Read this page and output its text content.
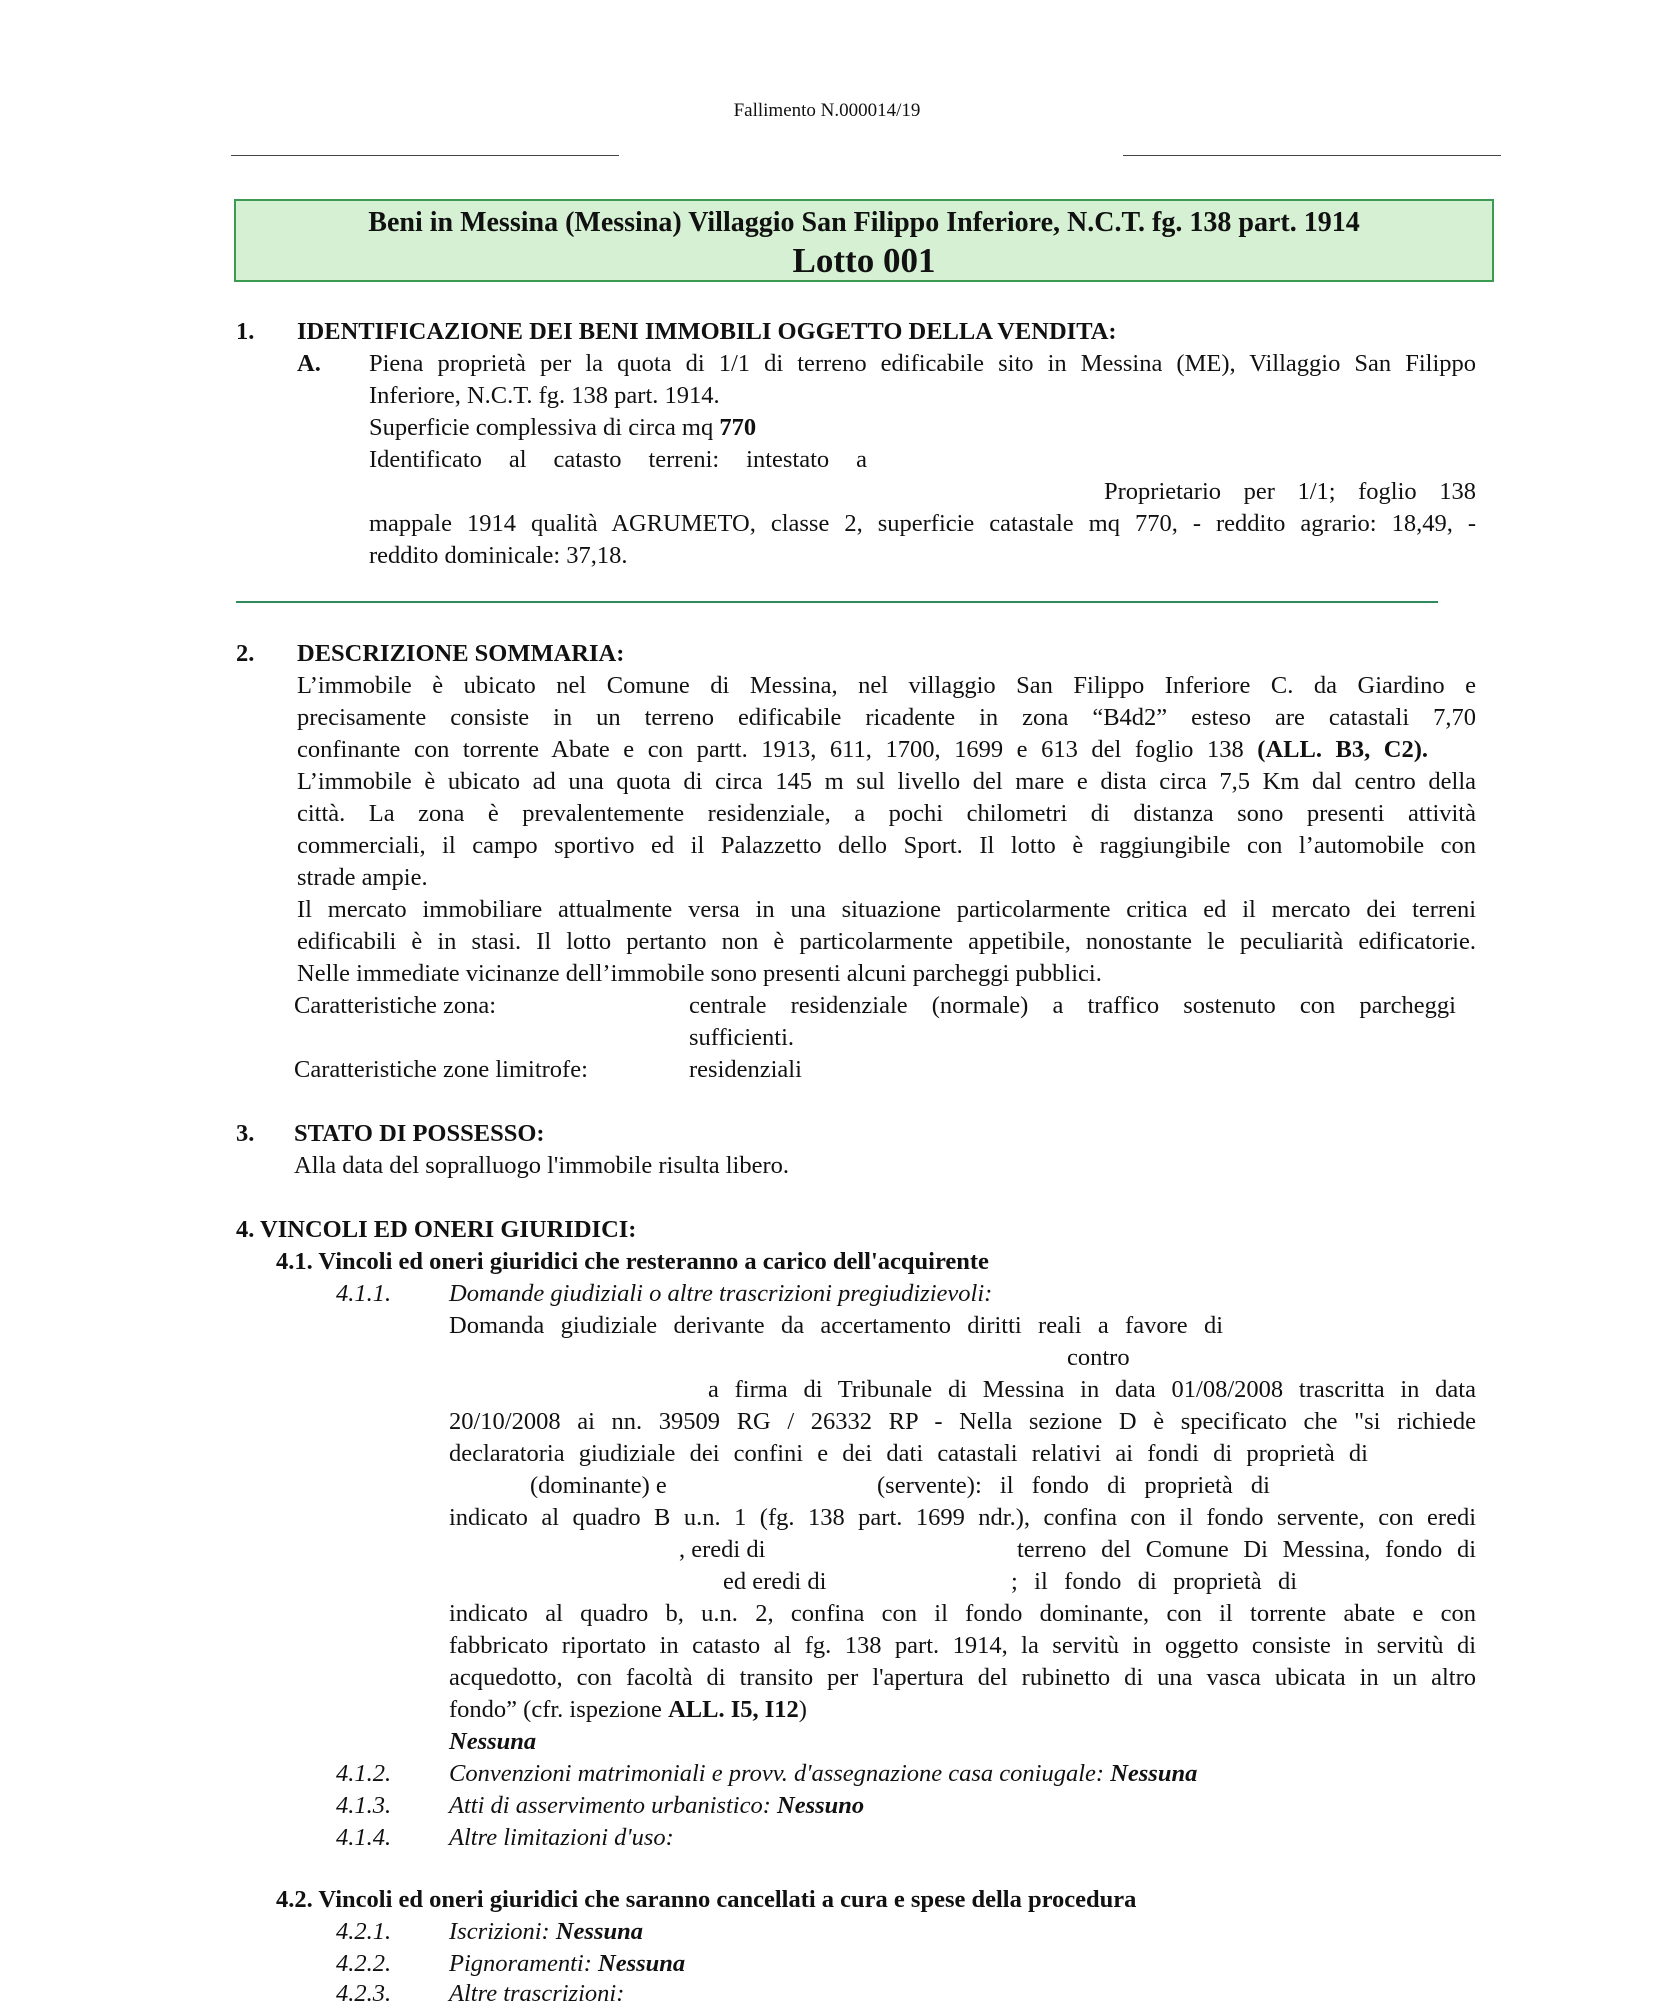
Fallimento N.000014/19
Beni in Messina (Messina) Villaggio San Filippo Inferiore, N.C.T. fg. 138 part. 1914
Lotto 001
1. IDENTIFICAZIONE DEI BENI IMMOBILI OGGETTO DELLA VENDITA:
A. Piena proprietà per la quota di 1/1 di terreno edificabile sito in Messina (ME), Villaggio San Filippo
Inferiore, N.C.T. fg. 138 part. 1914.
Superficie complessiva di circa mq 770
Identificato al catasto terreni: intestato a
Proprietario per 1/1; foglio 138
mappale 1914 qualità AGRUMETO, classe 2, superficie catastale mq 770, - reddito agrario: 18,49, -
reddito dominicale: 37,18.
2. DESCRIZIONE SOMMARIA:
L’immobile è ubicato nel Comune di Messina, nel villaggio San Filippo Inferiore C. da Giardino e
precisamente consiste in un terreno edificabile ricadente in zona “B4d2” esteso are catastali 7,70
confinante con torrente Abate e con partt. 1913, 611, 1700, 1699 e 613 del foglio 138 (ALL. B3, C2).
L’immobile è ubicato ad una quota di circa 145 m sul livello del mare e dista circa 7,5 Km dal centro della
città. La zona è prevalentemente residenziale, a pochi chilometri di distanza sono presenti attività
commerciali, il campo sportivo ed il Palazzetto dello Sport. Il lotto è raggiungibile con l’automobile con
strade ampie.
Il mercato immobiliare attualmente versa in una situazione particolarmente critica ed il mercato dei terreni
edificabili è in stasi. Il lotto pertanto non è particolarmente appetibile, nonostante le peculiarità edificatorie.
Nelle immediate vicinanze dell’immobile sono presenti alcuni parcheggi pubblici.
Caratteristiche zona:	centrale residenziale (normale) a traffico sostenuto con parcheggi
sufficienti.
Caratteristiche zone limitrofe:	residenziali
3. STATO DI POSSESSO:
Alla data del sopralluogo l'immobile risulta libero.
4. VINCOLI ED ONERI GIURIDICI:
4.1. Vincoli ed oneri giuridici che resteranno a carico dell'acquirente
4.1.1. Domande giudiziali o altre trascrizioni pregiudizievoli:
Domanda giudiziale derivante da accertamento diritti reali a favore di
contro
a firma di Tribunale di Messina in data 01/08/2008 trascritta in data
20/10/2008 ai nn. 39509 RG / 26332 RP - Nella sezione D è specificato che "si richiede
declaratoria giudiziale dei confini e dei dati catastali relativi ai fondi di proprietà di
(dominante) e	(servente): il fondo di proprietà di
indicato al quadro B u.n. 1 (fg. 138 part. 1699 ndr.), confina con il fondo servente, con eredi
, eredi di	terreno del Comune Di Messina, fondo di
ed eredi di	; il fondo di proprietà di
indicato al quadro b, u.n. 2, confina con il fondo dominante, con il torrente abate e con
fabbricato riportato in catasto al fg. 138 part. 1914, la servitù in oggetto consiste in servitù di
acquedotto, con facoltà di transito per l'apertura del rubinetto di una vasca ubicata in un altro
fondo” (cfr. ispezione ALL. I5, I12)
Nessuna
4.1.2. Convenzioni matrimoniali e provv. d'assegnazione casa coniugale: Nessuna
4.1.3. Atti di asservimento urbanistico: Nessuno
4.1.4. Altre limitazioni d'uso:
4.2. Vincoli ed oneri giuridici che saranno cancellati a cura e spese della procedura
4.2.1. Iscrizioni: Nessuna
4.2.2. Pignoramenti: Nessuna
4.2.3. Altre trascrizioni:
